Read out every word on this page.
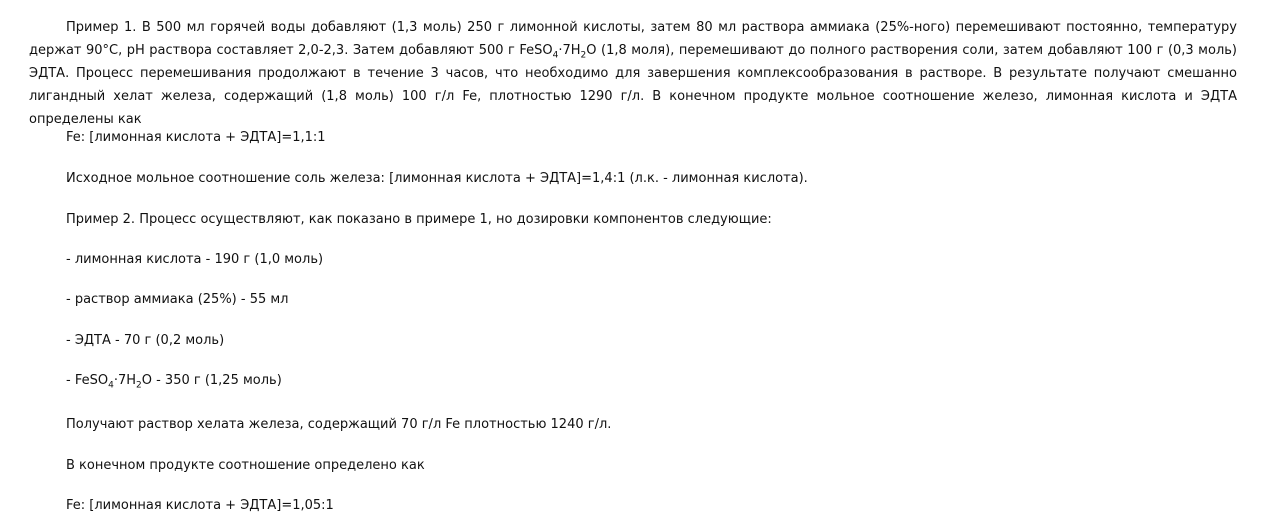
Пример 1. В 500 мл горячей воды добавляют (1,3 моль) 250 г лимонной кислоты, затем 80 мл раствора аммиака (25%-ного) перемешивают постоянно, температуру держат 90°С, pH раствора составляет 2,0-2,3. Затем добавляют 500 г $FeSO_4\cdot 7H_2O$ (1,8 моля), перемешивают до полного растворения соли, затем добавляют 100 г (0,3 моль) ЭДТА. Процесс перемешивания продолжают в течение 3 часов, что необходимо для завершения комплексообразования в растворе. В результате получают смешанно лигандный хелат железа, содержащий (1,8 моль) 100 г/л Fe, плотностью 1290 г/л. В конечном продукте мольное соотношение железо, лимонная кислота и ЭДТА определены как

Fe: [лимонная кислота + ЭДТА]=1,1:1

Исходное мольное соотношение соль железа: [лимонная кислота + ЭДТА]=1,4:1 (л.к. - лимонная кислота).

Пример 2. Процесс осуществляют, как показано в примере 1, но дозировки компонентов следующие:

- лимонная кислота - 190 г (1,0 моль)

- раствор аммиака (25%) - 55 мл

- ЭДТА - 70 г (0,2 моль)

- $FeSO_4\cdot 7H_2O - 350$ г (1,25 моль)

Получают раствор хелата железа, содержащий 70 г/л Fe плотностью 1240 г/л.

В конечном продукте соотношение определено как

Fe: [лимонная кислота + ЭДТА]=1,05:1
